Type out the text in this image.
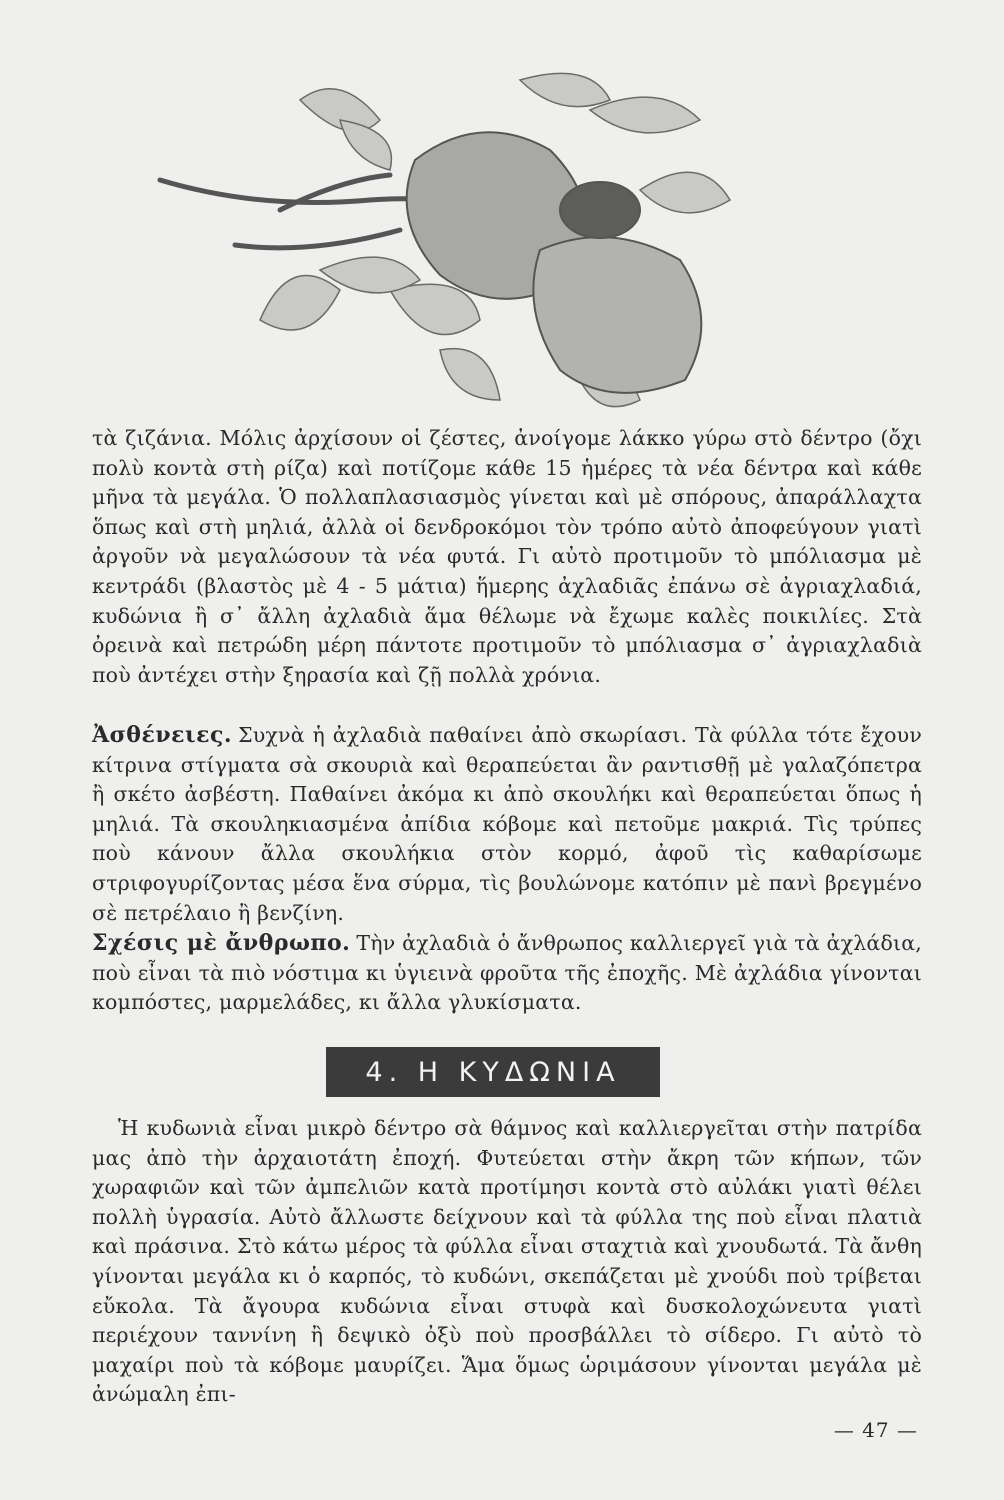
τὰ ζιζάνια. Μόλις ἀρχίσουν οἱ ζέστες, ἀνοίγομε λάκκο γύρω στὸ δέντρο (ὄχι πολὺ κοντὰ στὴ ρίζα) καὶ ποτίζομε κάθε 15 ἡμέρες τὰ νέα δέντρα καὶ κάθε μῆνα τὰ μεγάλα. Ὁ πολλαπλασιασμὸς γίνεται καὶ μὲ σπόρους, ἀπαράλλαχτα ὅπως καὶ στὴ μηλιά, ἀλλὰ οἱ δενδροκόμοι τὸν τρόπο αὐτὸ ἀποφεύγουν γιατὶ ἀργοῦν νὰ μεγαλώσουν τὰ νέα φυτά. Γι αὐτὸ προτιμοῦν τὸ μπόλιασμα μὲ κεντράδι (βλαστὸς μὲ 4 - 5 μάτια) ἥμερης ἀχλαδιᾶς ἐπάνω σὲ ἀγριαχλαδιά, κυδώνια ἢ σ᾽ ἄλλη ἀχλαδιὰ ἅμα θέλωμε νὰ ἔχωμε καλὲς ποικιλίες. Στὰ ὀρεινὰ καὶ πετρώδη μέρη πάντοτε προτιμοῦν τὸ μπόλιασμα σ᾽ ἀγριαχλαδιὰ ποὺ ἀντέχει στὴν ξηρασία καὶ ζῇ πολλὰ χρόνια.

Ἀσθένειες. Συχνὰ ἡ ἀχλαδιὰ παθαίνει ἀπὸ σκωρίασι. Τὰ φύλλα τότε ἔχουν κίτρινα στίγματα σὰ σκουριὰ καὶ θεραπεύεται ἂν ραντισθῇ μὲ γαλαζόπετρα ἢ σκέτο ἀσβέστη. Παθαίνει ἀκόμα κι ἀπὸ σκουλήκι καὶ θεραπεύεται ὅπως ἡ μηλιά. Τὰ σκουληκιασμένα ἀπίδια κόβομε καὶ πετοῦμε μακριά. Τὶς τρύπες ποὺ κάνουν ἄλλα σκουλήκια στὸν κορμό, ἀφοῦ τὶς καθαρίσωμε στριφογυρίζοντας μέσα ἕνα σύρμα, τὶς βουλώνομε κατόπιν μὲ πανὶ βρεγμένο σὲ πετρέλαιο ἢ βενζίνη.

Σχέσις μὲ ἄνθρωπο. Τὴν ἀχλαδιὰ ὁ ἄνθρωπος καλλιεργεῖ γιὰ τὰ ἀχλάδια, ποὺ εἶναι τὰ πιὸ νόστιμα κι ὑγιεινὰ φροῦτα τῆς ἐποχῆς. Μὲ ἀχλάδια γίνονται κομπόστες, μαρμελάδες, κι ἄλλα γλυκίσματα.

4. Η ΚΥΔΩΝΙΑ

Ἡ κυδωνιὰ εἶναι μικρὸ δέντρο σὰ θάμνος καὶ καλλιεργεῖται στὴν πατρίδα μας ἀπὸ τὴν ἀρχαιοτάτη ἐποχή. Φυτεύεται στὴν ἄκρη τῶν κήπων, τῶν χωραφιῶν καὶ τῶν ἀμπελιῶν κατὰ προτίμησι κοντὰ στὸ αὐλάκι γιατὶ θέλει πολλὴ ὑγρασία. Αὐτὸ ἄλλωστε δείχνουν καὶ τὰ φύλλα της ποὺ εἶναι πλατιὰ καὶ πράσινα. Στὸ κάτω μέρος τὰ φύλλα εἶναι σταχτιὰ καὶ χνουδωτά. Τὰ ἄνθη γίνονται μεγάλα κι ὁ καρπός, τὸ κυδώνι, σκεπάζεται μὲ χνούδι ποὺ τρίβεται εὔκολα. Τὰ ἄγουρα κυδώνια εἶναι στυφὰ καὶ δυσκολοχώνευτα γιατὶ περιέχουν ταννίνη ἢ δεψικὸ ὀξὺ ποὺ προσβάλλει τὸ σίδερο. Γι αὐτὸ τὸ μαχαίρι ποὺ τὰ κόβομε μαυρίζει. Ἅμα ὅμως ὡριμάσουν γίνονται μεγάλα μὲ ἀνώμαλη ἐπι-

— 47 —
